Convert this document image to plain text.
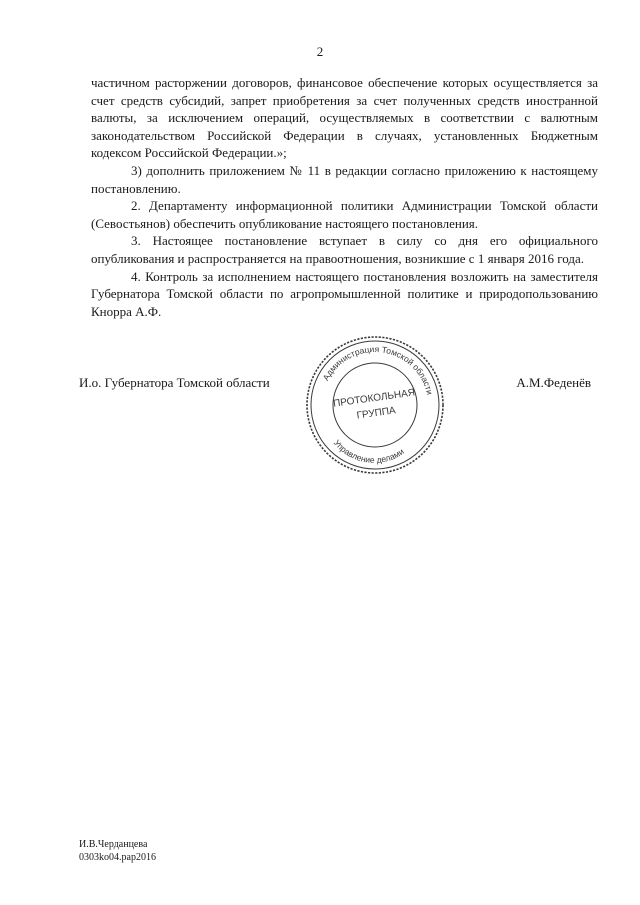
2

частичном расторжении договоров, финансовое обеспечение которых осуществляется за счет средств субсидий, запрет приобретения за счет полученных средств иностранной валюты, за исключением операций, осуществляемых в соответствии с валютным законодательством Российской Федерации в случаях, установленных Бюджетным кодексом Российской Федерации.»;

3) дополнить приложением № 11 в редакции согласно приложению к настоящему постановлению.

2. Департаменту информационной политики Администрации Томской области (Севостьянов) обеспечить опубликование настоящего постановления.

3. Настоящее постановление вступает в силу со дня его официального опубликования и распространяется на правоотношения, возникшие с 1 января 2016 года.

4. Контроль за исполнением настоящего постановления возложить на заместителя Губернатора Томской области по агропромышленной политике и природопользованию Кнорра А.Ф.

И.о. Губернатора Томской области	А.М.Феденёв
Администрация Томской области
Управление делами
ПРОТОКОЛЬНАЯ
ГРУППА
И.В.Черданцева
0303ko04.pap2016
